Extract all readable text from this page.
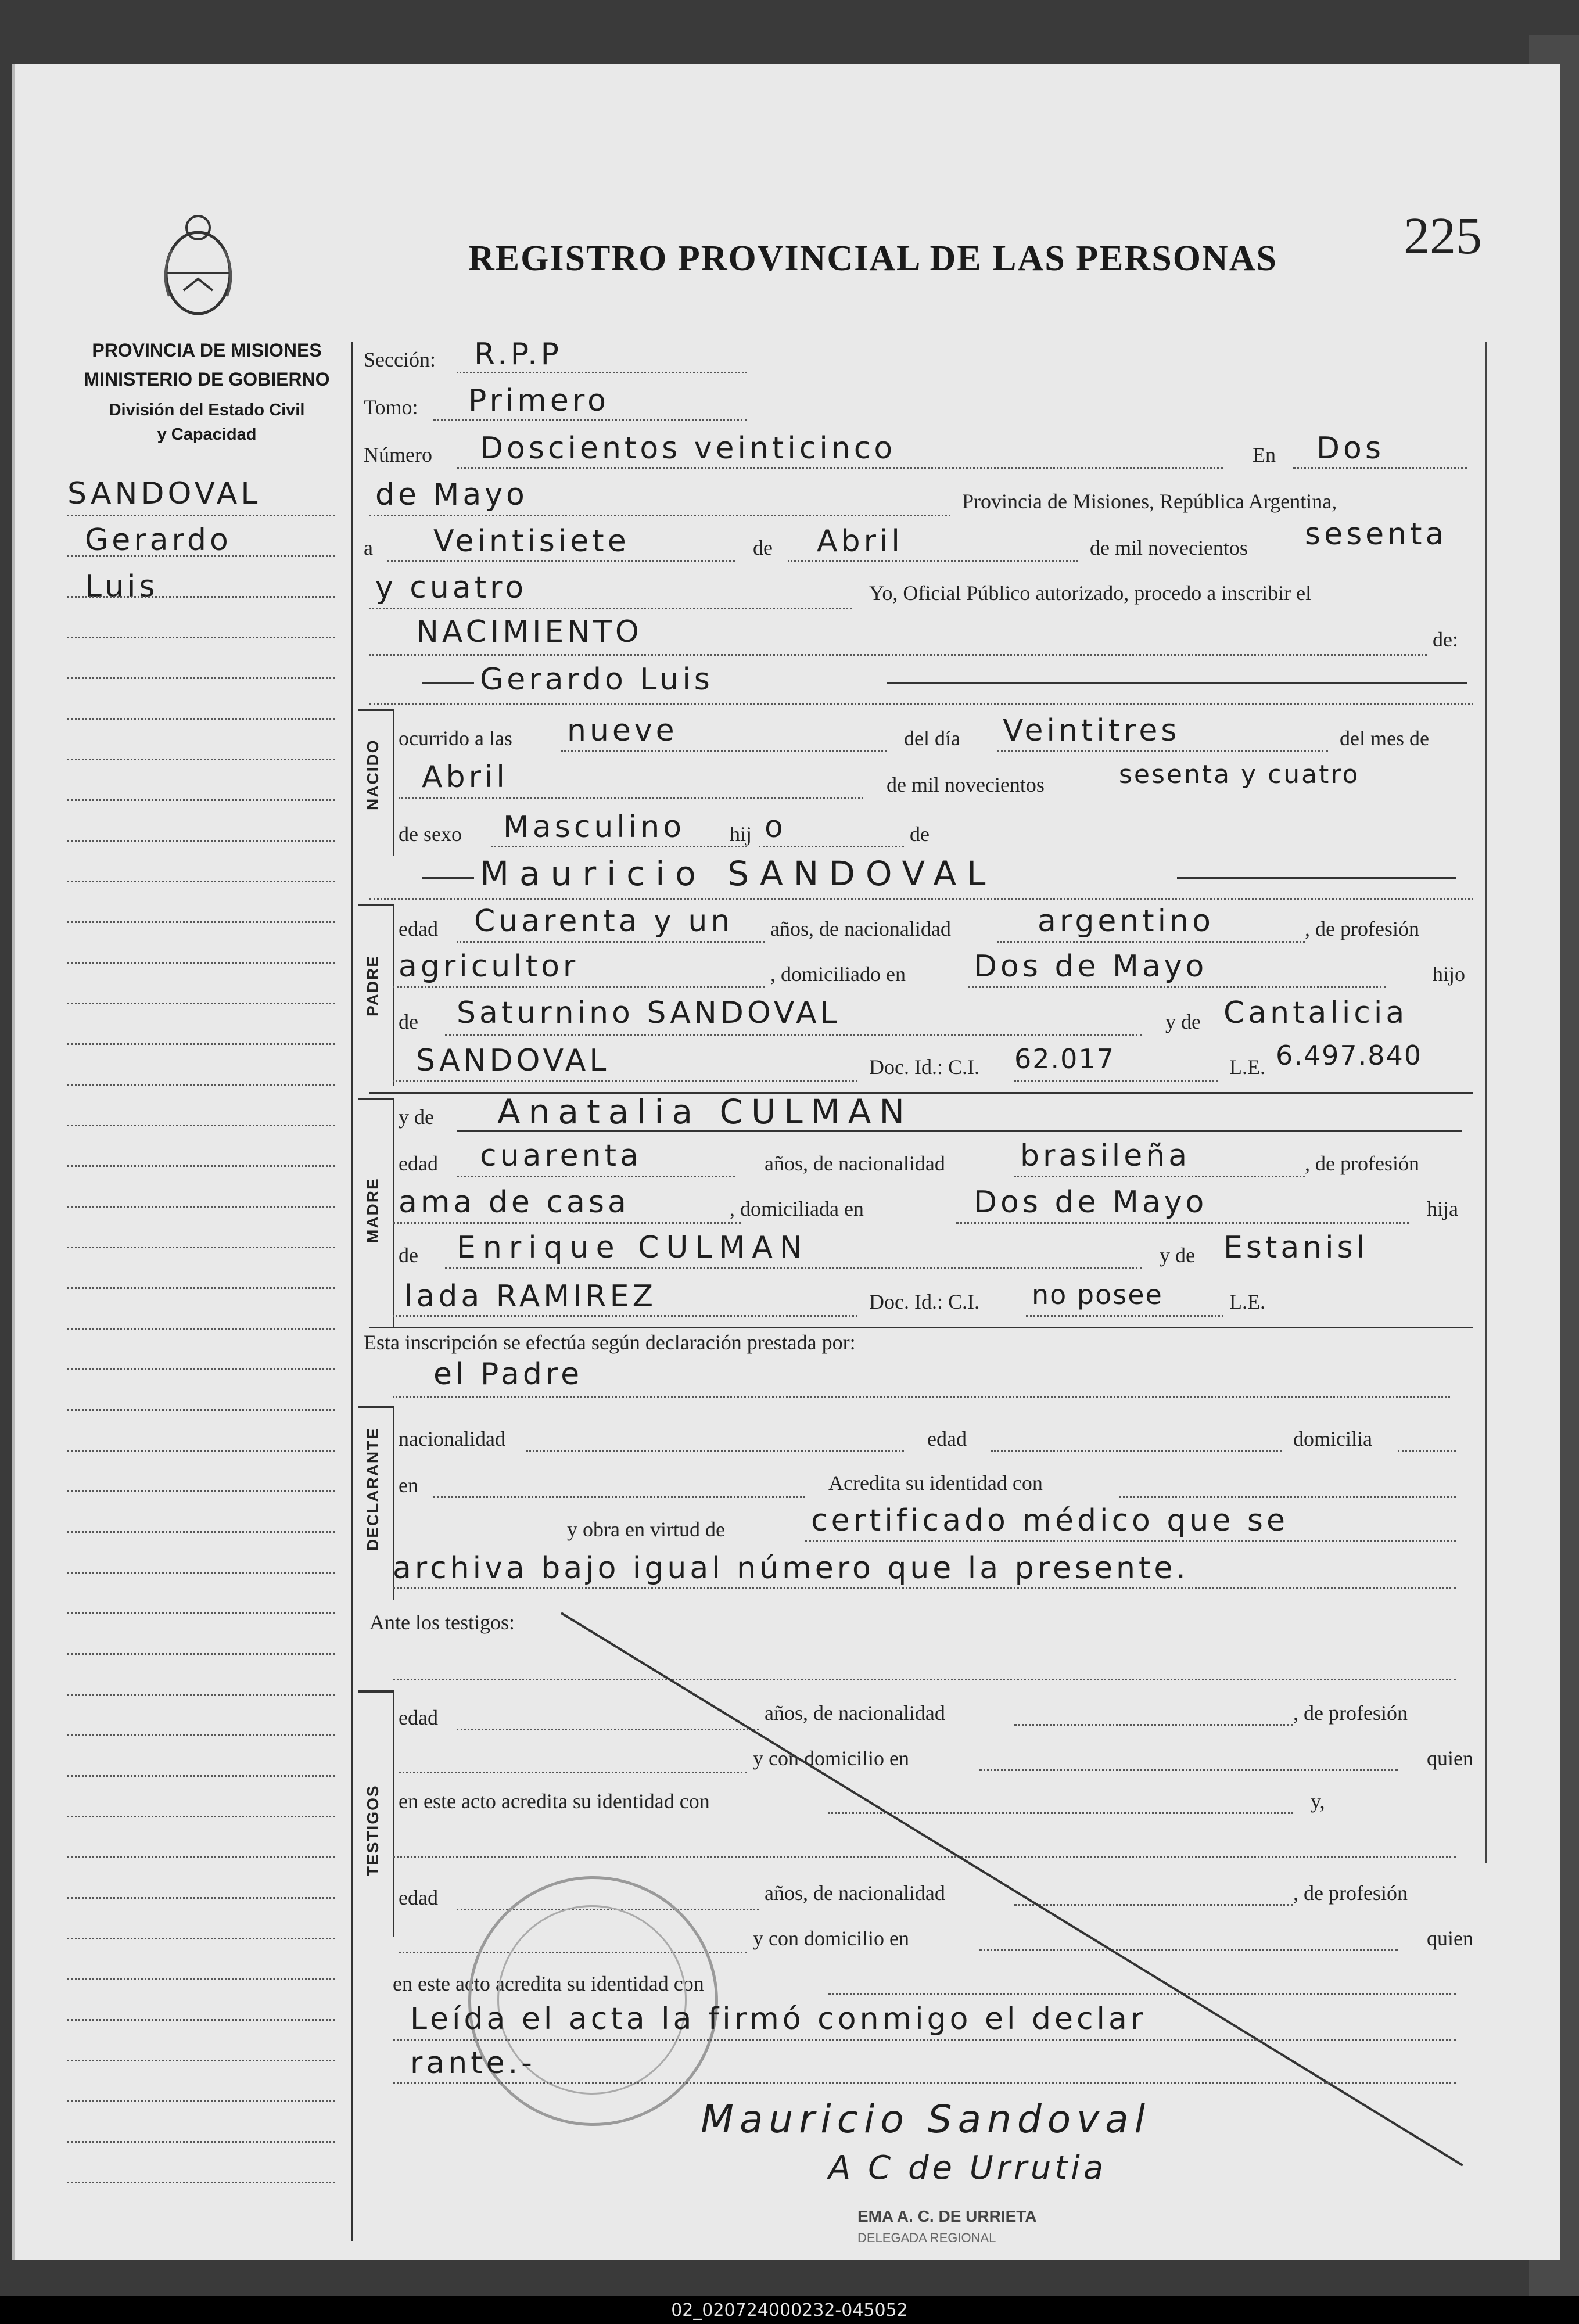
REGISTRO PROVINCIAL DE LAS PERSONAS 225
PROVINCIA DE MISIONES
MINISTERIO DE GOBIERNO
División del Estado Civil
y Capacidad
SANDOVAL
Gerardo
Luis
Sección: R.P.P
Tomo: Primero
Número Doscientos veinticinco	En Dos
de Mayo	Provincia de Misiones, República Argentina,
a Veintisiete	de Abril	de mil novecientos sesenta
y cuatro	Yo, Oficial Público autorizado, procedo a inscribir el
NACIMIENTO	de:
Gerardo Luis
NACIDO
ocurrido a las nueve	del día Veintitres	del mes de
Abril	de mil novecientos	sesenta y cuatro
de sexo Masculino hij o	de
Mauricio SANDOVAL
PADRE
edad Cuarenta y un años, de nacionalidad	argentino	, de profesión
agricultor	, domiciliado en Dos de Mayo	hijo
de Saturnino SANDOVAL	y de Cantalicia
SANDOVAL	Doc. Id.: C.I. 62.017	L.E. 6.497.840
MADRE
y de Anatalia CULMAN
edad cuarenta	años, de nacionalidad brasileña	, de profesión
ama de casa	, domiciliada en	Dos de Mayo	hija
de Enrique CULMAN	y de Estanisl
lada RAMIREZ	Doc. Id.: C.I. no posee	L.E.
Esta inscripción se efectúa según declaración prestada por:
el Padre
DECLARANTE nacionalidad	edad	domicilia
en	Acredita su identidad con
y obra en virtud de	certificado médico que se
archiva bajo igual número que la presente.
Ante los testigos:
TESTIGOS
edad	años, de nacionalidad	, de profesión
y con domicilio en	quien
en este acto acredita su identidad con	y,
edad	años, de nacionalidad	, de profesión
y con domicilio en	quien
en este acto acredita su identidad con
Leída el acta la firmó conmigo el declar
rante.-
Mauricio Sandoval
A C de Urrutia
EMA A. C. DE URRIETA
DELEGADA REGIONAL
02_020724000232-045052
